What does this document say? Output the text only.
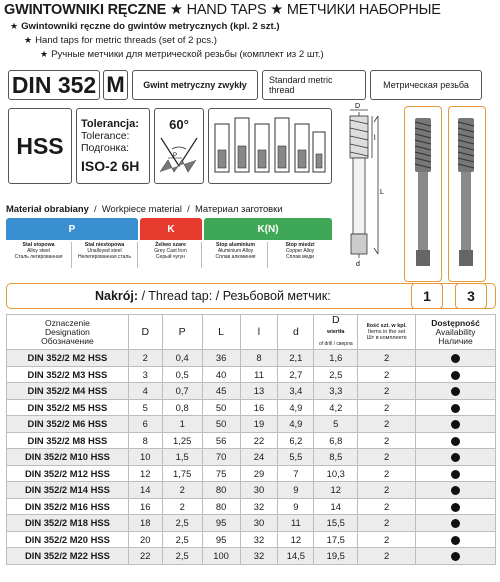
GWINTOWNIKI RĘCZNE ★ HAND TAPS ★ МЕТЧИКИ НАБОРНЫЕ
★ Gwintowniki ręczne do gwintów metrycznych (kpl. 2 szt.)
★ Hand taps for metric threads (set of 2 pcs.)
★ Ручные метчики для метрической резьбы (комплект из 2 шт.)
DIN 352 M	Gwint metryczny zwykły	Standard metric thread	Метрическая резьба
HSS
Tolerancja:
Tolerance:
Подгонка:
ISO-2 6H
60°
P
Materiał obrabiany  /  Workpiece material  /  Материал заготовки
P	K	K(N)
Stal stopowa
Alloy steel
Сталь легированная
Stal niestopowa
Unalloyed steel
Нелегированная сталь
Żeliwo szare
Grey Cast Iron
Серый чугун
Stop aluminium
Aluminium Alloy
Сплав алюминия
Stop miedzi
Copper Alloy
Сплав меди
D
l
L
d
Nakrój: / Thread tap: / Резьбовой метчик:	1	3
Oznaczenie
Designation
Обозначение	D	P	L	l	d	D
wiertła
of drill / сверла	Ilość szt. w kpl.
Items in the set
Шт в комплекте	Dostępność
Availability
Наличие
DIN 352/2 M2 HSS	2	0,4	36	8	2,1	1,6	2	
DIN 352/2 M3 HSS	3	0,5	40	11	2,7	2,5	2	
DIN 352/2 M4 HSS	4	0,7	45	13	3,4	3,3	2	
DIN 352/2 M5 HSS	5	0,8	50	16	4,9	4,2	2	
DIN 352/2 M6 HSS	6	1	50	19	4,9	5	2	
DIN 352/2 M8 HSS	8	1,25	56	22	6,2	6,8	2	
DIN 352/2 M10 HSS	10	1,5	70	24	5,5	8,5	2	
DIN 352/2 M12 HSS	12	1,75	75	29	7	10,3	2	
DIN 352/2 M14 HSS	14	2	80	30	9	12	2	
DIN 352/2 M16 HSS	16	2	80	32	9	14	2	
DIN 352/2 M18 HSS	18	2,5	95	30	11	15,5	2	
DIN 352/2 M20 HSS	20	2,5	95	32	12	17,5	2	
DIN 352/2 M22 HSS	22	2,5	100	32	14,5	19,5	2	
